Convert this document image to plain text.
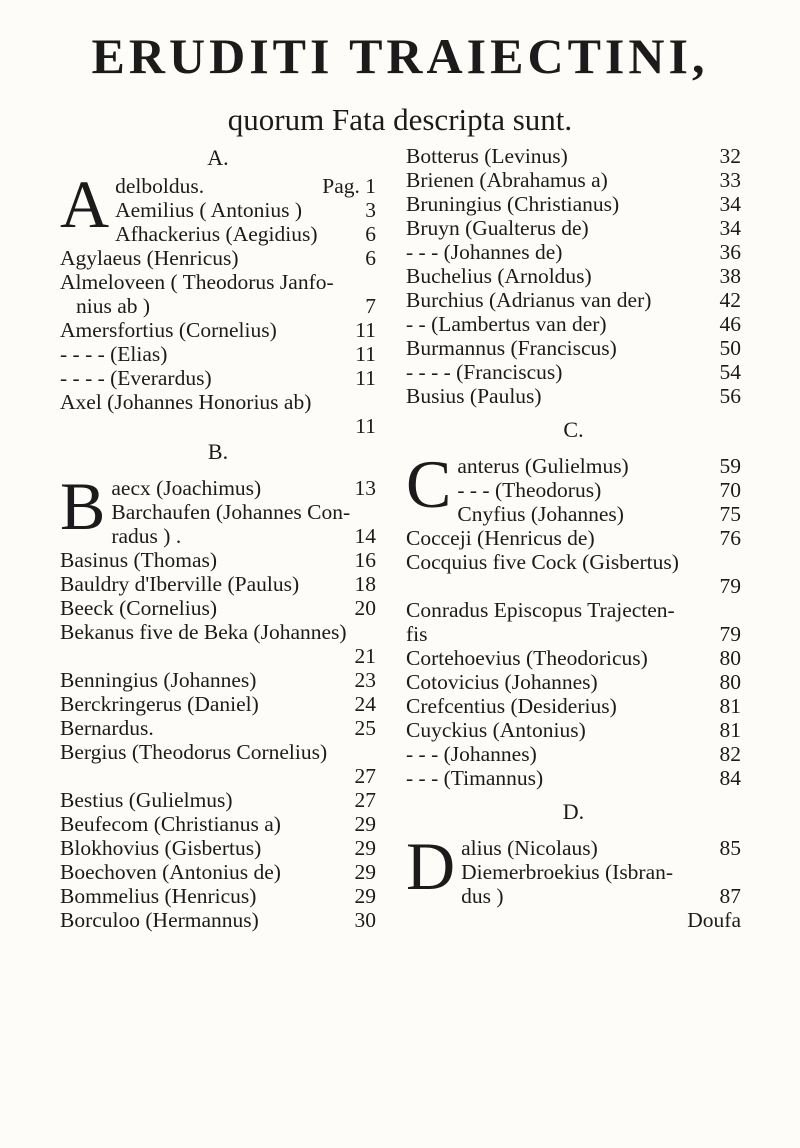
ERUDITI TRAIECTINI,
quorum Fata descripta sunt.
A.
A delboldus.	Pag. 1
Aemilius ( Antonius )	3
Afhackerius (Aegidius) 6
Agylaeus (Henricus)	6
Almeloveen ( Theodorus Janfo-
nius ab )	7
Amersfortius (Cornelius)	11
- - - - (Elias)	11
- - - - (Everardus)	11
Axel (Johannes Honorius ab)
11
B.
B aecx (Joachimus)	13
Barchaufen (Johannes Con-
radus ) .	14
Basinus (Thomas)	16
Bauldry d'Iberville (Paulus)	18
Beeck (Cornelius)	20
Bekanus five de Beka (Johannes)
21
Benningius (Johannes)	23
Berckringerus (Daniel)	24
Bernardus.	25
Bergius (Theodorus Cornelius)
27
Bestius (Gulielmus)	27
Beufecom (Christianus a)	29
Blokhovius (Gisbertus)	29
Boechoven (Antonius de)	29
Bommelius (Henricus)	29
Borculoo (Hermannus)	30
Botterus (Levinus)	32
Brienen (Abrahamus a)	33
Bruningius (Christianus)	34
Bruyn (Gualterus de)	34
- - - (Johannes de)	36
Buchelius (Arnoldus)	38
Burchius (Adrianus van der)	42
- - (Lambertus van der)	46
Burmannus (Franciscus)	50
- - - - (Franciscus)	54
Busius (Paulus)	56
C.
C anterus (Gulielmus)	59
- - - (Theodorus)	70
Cnyfius (Johannes)	75
Cocceji (Henricus de)	76
Cocquius five Cock (Gisbertus)
79
Conradus Episcopus Trajecten-
fis	79
Cortehoevius (Theodoricus)	80
Cotovicius (Johannes)	80
Crefcentius (Desiderius)	81
Cuyckius (Antonius)	81
- - - (Johannes)	82
- - - (Timannus)	84
D.
D alius (Nicolaus)	85
Diemerbroekius (Isbran-
dus )	87
Doufa
